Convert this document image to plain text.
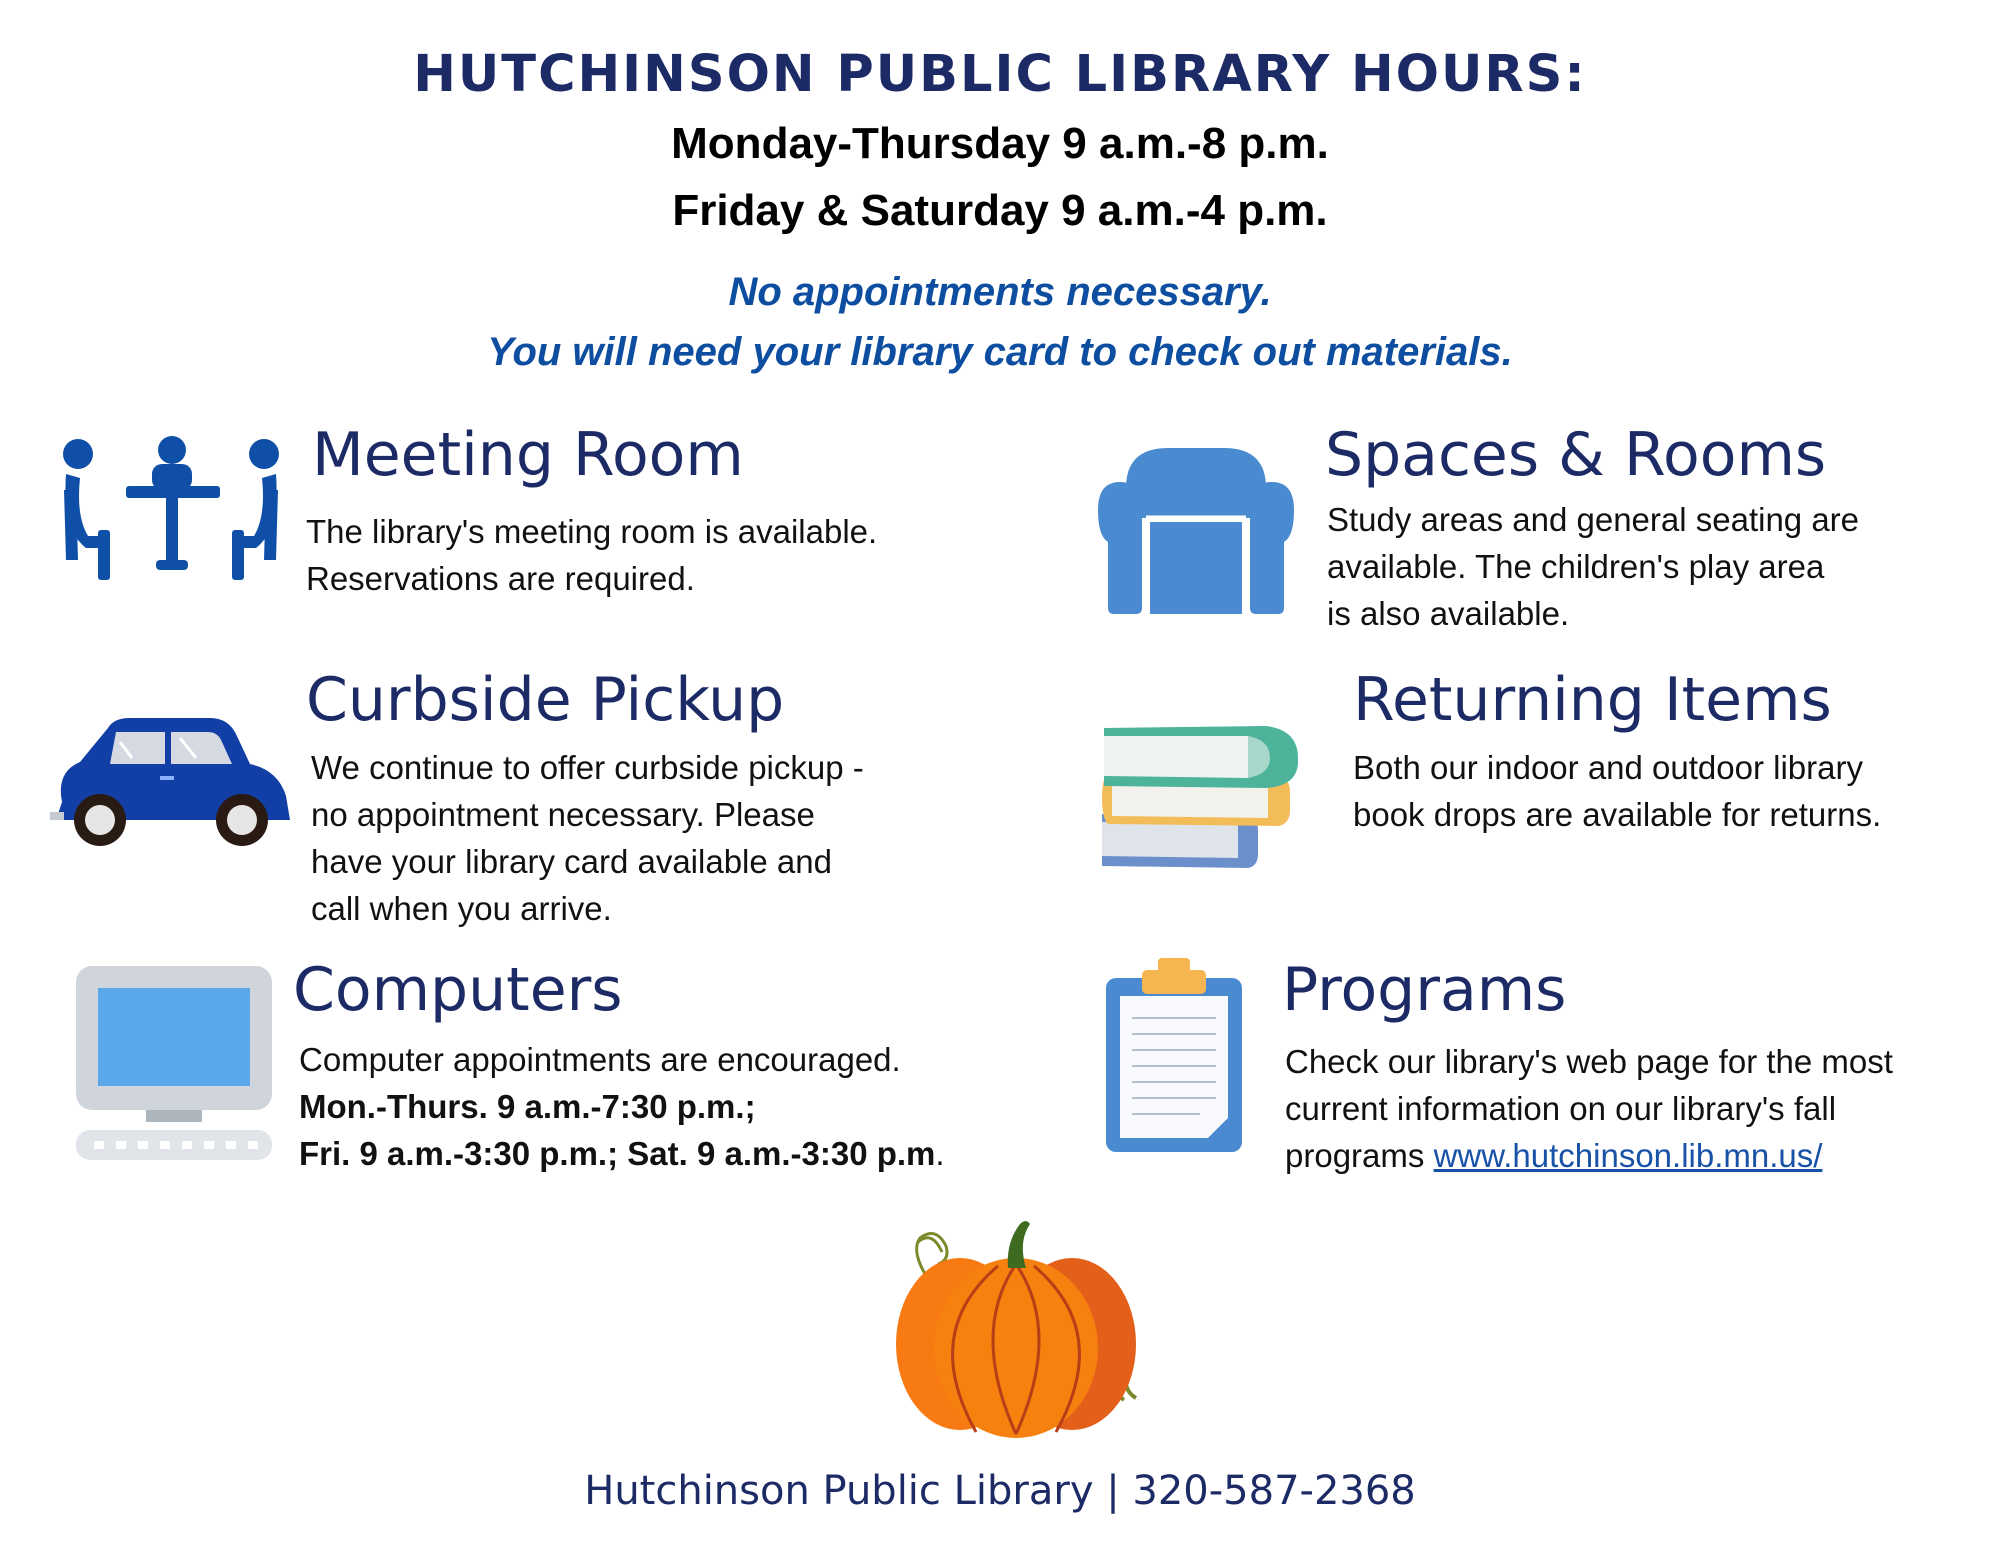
HUTCHINSON PUBLIC LIBRARY HOURS:
Monday-Thursday 9 a.m.-8 p.m.
Friday & Saturday 9 a.m.-4 p.m.
No appointments necessary.
You will need your library card to check out materials.
Meeting Room
The library's meeting room is available.
Reservations are required.
Spaces & Rooms
Study areas and general seating are
available. The children's play area
is also available.
Curbside Pickup
We continue to offer curbside pickup -
no appointment necessary. Please
have your library card available and
call when you arrive.
Returning Items
Both our indoor and outdoor library
book drops are available for returns.
Computers
Computer appointments are encouraged.
Mon.-Thurs. 9 a.m.-7:30 p.m.;
Fri. 9 a.m.-3:30 p.m.; Sat. 9 a.m.-3:30 p.m.
Programs
Check our library's web page for the most
current information on our library's fall
programs www.hutchinson.lib.mn.us/
Hutchinson Public Library | 320-587-2368
